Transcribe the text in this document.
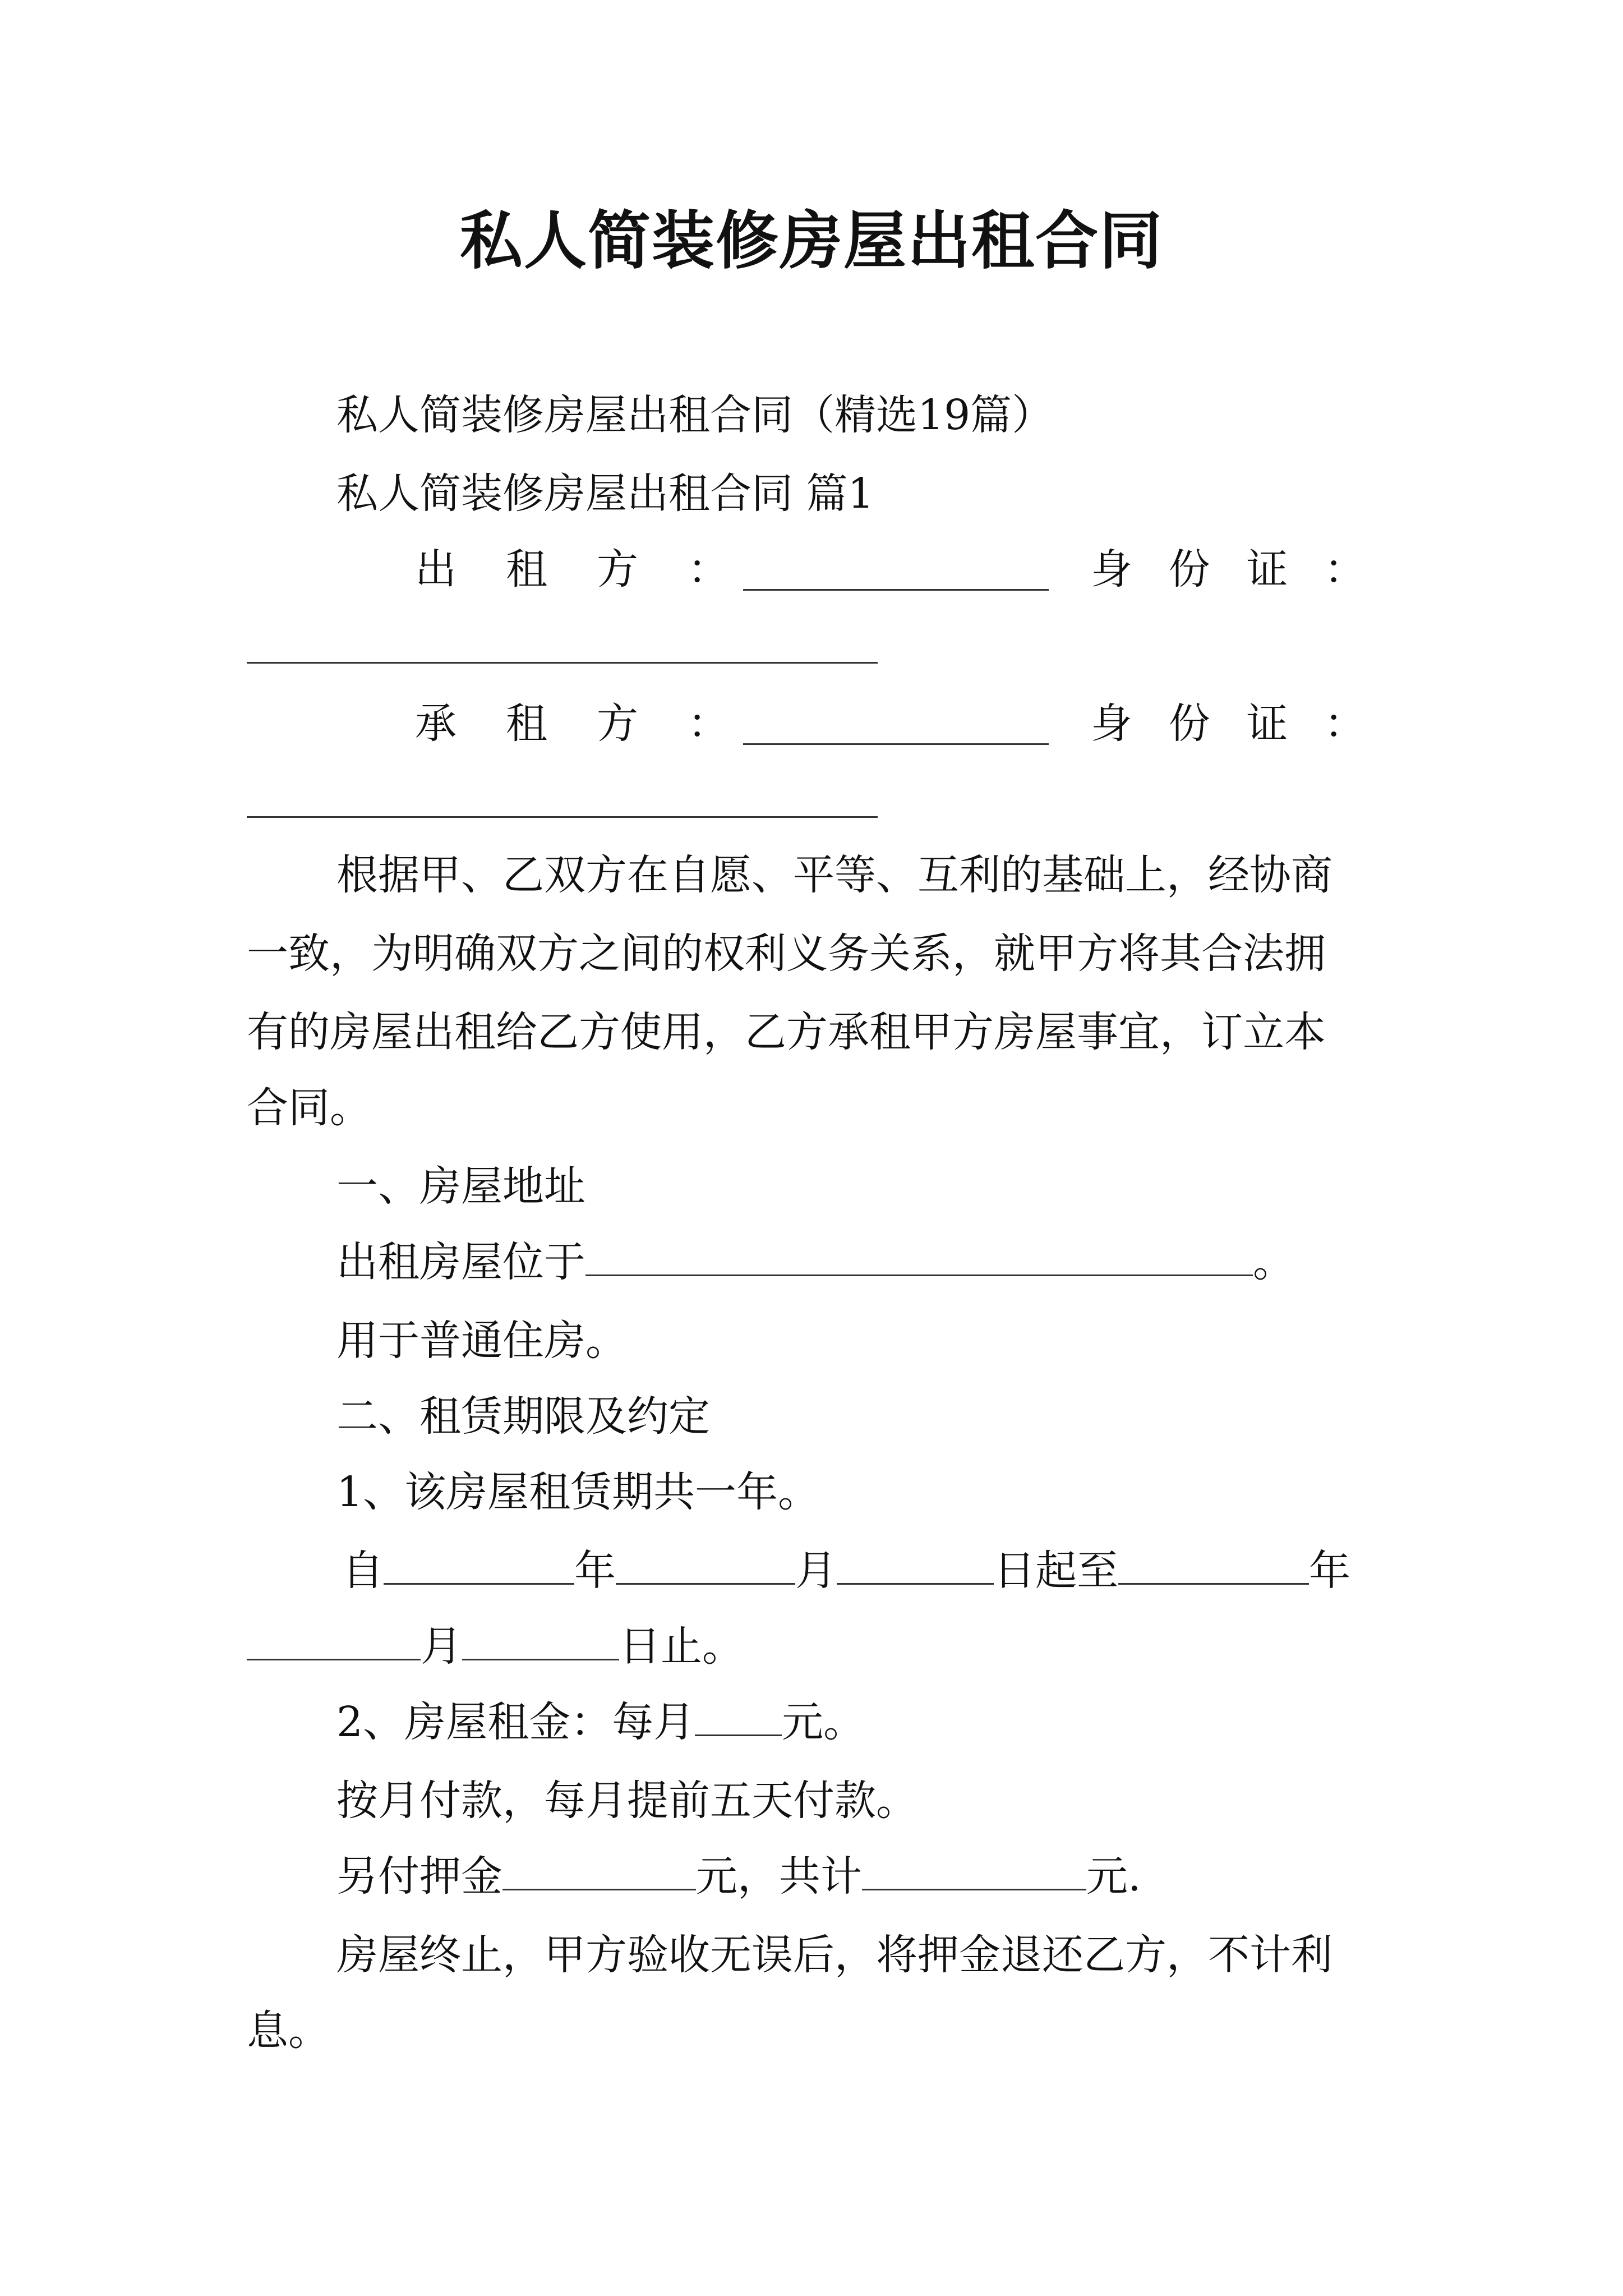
私人简装修房屋出租合同
私人简装修房屋出租合同（精选19篇）
私人简装修房屋出租合同 篇1
出 租 方 ：	身 份 证 ：
承 租 方 ：	身 份 证 ：
根据甲、乙双方在自愿、平等、互利的基础上，经协商
一致，为明确双方之间的权利义务关系，就甲方将其合法拥
有的房屋出租给乙方使用，乙方承租甲方房屋事宜，订立本
合同。
一、房屋地址
出租房屋位于	。
用于普通住房。
二、租赁期限及约定
1、该房屋租赁期共一年。
自	年	月	日起至	年
月	日止。
2、房屋租金：每月 元。
按月付款，每月提前五天付款。
另付押金	元，共计	元.
房屋终止，甲方验收无误后，将押金退还乙方，不计利
息。
